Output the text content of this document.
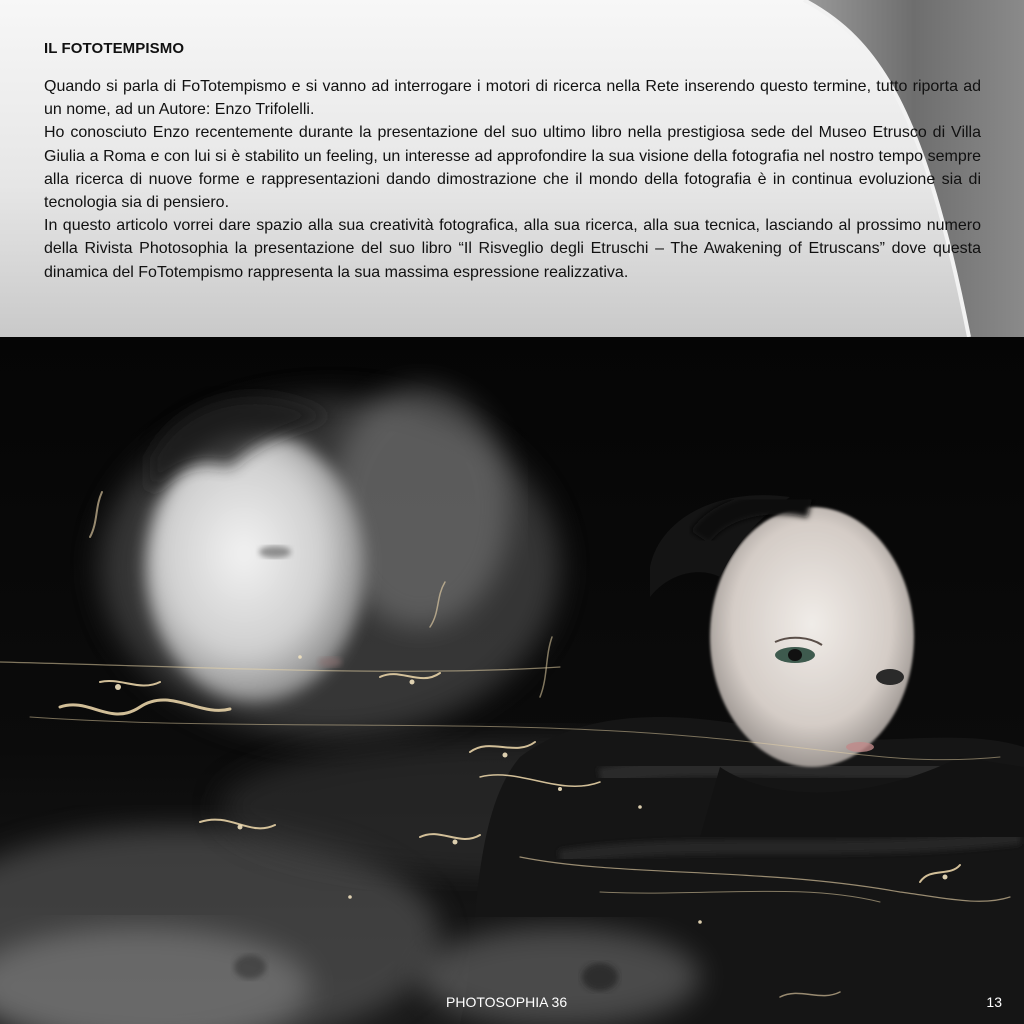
IL FOTOTEMPISMO

Quando si parla di FoTotempismo e si vanno ad interrogare i motori di ricerca nella Rete inserendo questo termine, tutto riporta ad un nome, ad un Autore: Enzo Trifolelli.

Ho conosciuto Enzo recentemente durante la presentazione del suo ultimo libro nella prestigiosa sede del Museo Etrusco di Villa Giulia a Roma e con lui si è stabilito un feeling, un interesse ad approfondire la sua visione della fotografia nel nostro tempo sempre alla ricerca di nuove forme e rappresentazioni dando dimostrazione che il mondo della fotografia è in continua evoluzione sia di tecnologia sia di pensiero.

In questo articolo vorrei dare spazio alla sua creatività fotografica, alla sua ricerca, alla sua tecnica, lasciando al prossimo numero della Rivista Photosophia la presentazione del suo libro “Il Risveglio degli Etruschi – The Awakening of Etruscans” dove questa dinamica del FoTotempismo rappresenta la sua massima espressione realizzativa.

PHOTOSOPHIA 36	13
